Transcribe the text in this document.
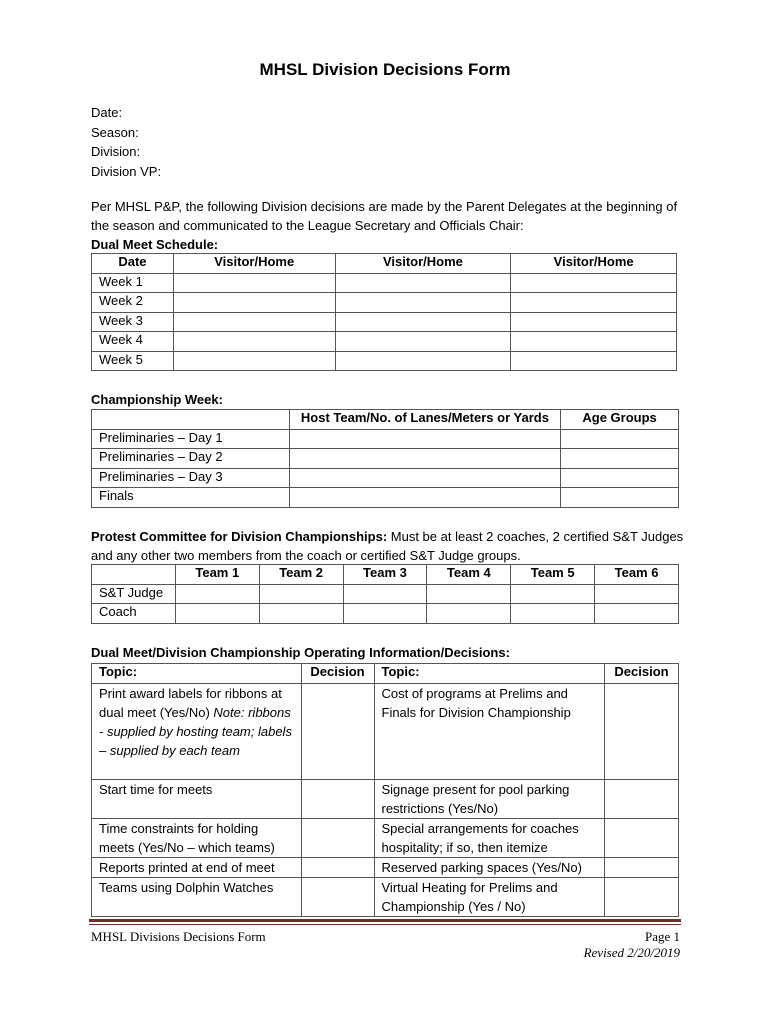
MHSL Division Decisions Form
Date:
Season:
Division:
Division VP:
Per MHSL P&P, the following Division decisions are made by the Parent Delegates at the beginning of the season and communicated to the League Secretary and Officials Chair:
Dual Meet Schedule:
Date	Visitor/Home	Visitor/Home	Visitor/Home
Week 1			
Week 2			
Week 3			
Week 4			
Week 5			
Championship Week:
	Host Team/No. of Lanes/Meters or Yards	Age Groups
Preliminaries – Day 1		
Preliminaries – Day 2		
Preliminaries – Day 3		
Finals		
Protest Committee for Division Championships: Must be at least 2 coaches, 2 certified S&T Judges and any other two members from the coach or certified S&T Judge groups.
	Team 1	Team 2	Team 3	Team 4	Team 5	Team 6
S&T Judge						
Coach						
Dual Meet/Division Championship Operating Information/Decisions:
Topic:	Decision	Topic:	Decision
Print award labels for ribbons at dual meet (Yes/No) Note: ribbons - supplied by hosting team; labels – supplied by each team		Cost of programs at Prelims and Finals for Division Championship	
Start time for meets		Signage present for pool parking restrictions (Yes/No)	
Time constraints for holding meets (Yes/No – which teams)		Special arrangements for coaches hospitality; if so, then itemize	
Reports printed at end of meet		Reserved parking spaces (Yes/No)	
Teams using Dolphin Watches		Virtual Heating for Prelims and Championship (Yes / No)	
MHSL Divisions Decisions Form	Page 1
Revised 2/20/2019
